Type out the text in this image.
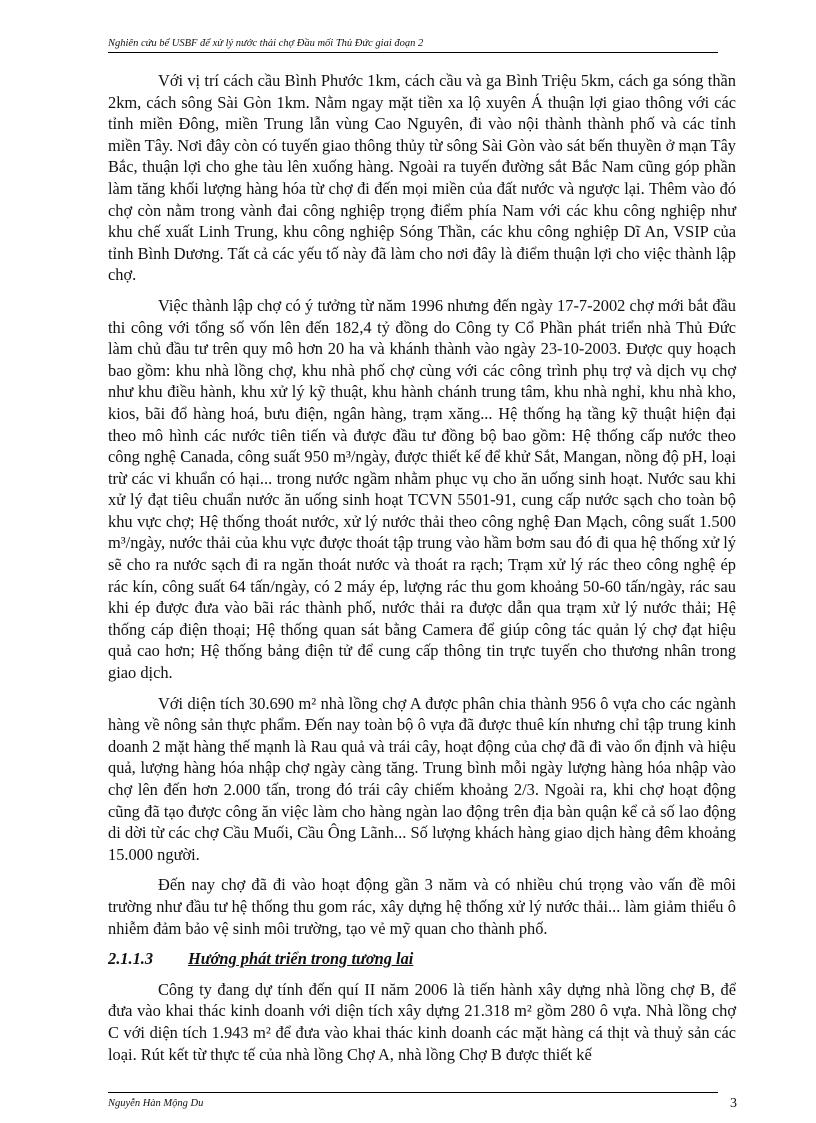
Nghiên cứu bể USBF để xử lý nước thải chợ Đầu mối Thủ Đức giai đoạn 2

Với vị trí cách cầu Bình Phước 1km, cách cầu và ga Bình Triệu 5km, cách ga sóng thần 2km, cách sông Sài Gòn 1km. Nằm ngay mặt tiền xa lộ xuyên Á thuận lợi giao thông với các tỉnh miền Đông, miền Trung lẫn vùng Cao Nguyên, đi vào nội thành thành phố và các tỉnh miền Tây. Nơi đây còn có tuyến giao thông thủy từ sông Sài Gòn vào sát bến thuyền ở mạn Tây Bắc, thuận lợi cho ghe tàu lên xuống hàng. Ngoài ra tuyến đường sắt Bắc Nam cũng góp phần làm tăng khối lượng hàng hóa từ chợ đi đến mọi miền của đất nước và ngược lại. Thêm vào đó chợ còn nằm trong vành đai công nghiệp trọng điểm phía Nam với các khu công nghiệp như khu chế xuất Linh Trung, khu công nghiệp Sóng Thần, các khu công nghiệp Dĩ An, VSIP của tỉnh Bình Dương. Tất cả các yếu tố này đã làm cho nơi đây là điểm thuận lợi cho việc thành lập chợ.

Việc thành lập chợ có ý tưởng từ năm 1996 nhưng đến ngày 17-7-2002 chợ mới bắt đầu thi công với tổng số vốn lên đến 182,4 tỷ đồng do Công ty Cổ Phần phát triển nhà Thủ Đức làm chủ đầu tư trên quy mô hơn 20 ha và khánh thành vào ngày 23-10-2003. Được quy hoạch bao gồm: khu nhà lồng chợ, khu nhà phố chợ cùng với các công trình phụ trợ và dịch vụ chợ như khu điều hành, khu xử lý kỹ thuật, khu hành chánh trung tâm, khu nhà nghỉ, khu nhà kho, kios, bãi đổ hàng hoá, bưu điện, ngân hàng, trạm xăng... Hệ thống hạ tầng kỹ thuật hiện đại theo mô hình các nước tiên tiến và được đầu tư đồng bộ bao gồm: Hệ thống cấp nước theo công nghệ Canada, công suất 950 m³/ngày, được thiết kế để khử Sắt, Mangan, nồng độ pH, loại trừ các vi khuẩn có hại... trong nước ngầm nhằm phục vụ cho ăn uống sinh hoạt. Nước sau khi xử lý đạt tiêu chuẩn nước ăn uống sinh hoạt TCVN 5501-91, cung cấp nước sạch cho toàn bộ khu vực chợ; Hệ thống thoát nước, xử lý nước thải theo công nghệ Đan Mạch, công suất 1.500 m³/ngày, nước thải của khu vực được thoát tập trung vào hầm bơm sau đó đi qua hệ thống xử lý sẽ cho ra nước sạch đi ra ngăn thoát nước và thoát ra rạch; Trạm xử lý rác theo công nghệ ép rác kín, công suất 64 tấn/ngày, có 2 máy ép, lượng rác thu gom khoảng 50-60 tấn/ngày, rác sau khi ép được đưa vào bãi rác thành phố, nước thải ra được dẫn qua trạm xử lý nước thải; Hệ thống cáp điện thoại; Hệ thống quan sát bằng Camera để giúp công tác quản lý chợ đạt hiệu quả cao hơn; Hệ thống bảng điện tử để cung cấp thông tin trực tuyến cho thương nhân trong giao dịch.

Với diện tích 30.690 m² nhà lồng chợ A được phân chia thành 956 ô vựa cho các ngành hàng về nông sản thực phẩm. Đến nay toàn bộ ô vựa đã được thuê kín nhưng chỉ tập trung kinh doanh 2 mặt hàng thế mạnh là Rau quả và trái cây, hoạt động của chợ đã đi vào ổn định và hiệu quả, lượng hàng hóa nhập chợ ngày càng tăng. Trung bình mỗi ngày lượng hàng hóa nhập vào chợ lên đến hơn 2.000 tấn, trong đó trái cây chiếm khoảng 2/3. Ngoài ra, khi chợ hoạt động cũng đã tạo được công ăn việc làm cho hàng ngàn lao động trên địa bàn quận kể cả số lao động di dời từ các chợ Cầu Muối, Cầu Ông Lãnh... Số lượng khách hàng giao dịch hàng đêm khoảng 15.000 người.

Đến nay chợ đã đi vào hoạt động gần 3 năm và có nhiều chú trọng vào vấn đề môi trường như đầu tư hệ thống thu gom rác, xây dựng hệ thống xử lý nước thải... làm giảm thiểu ô nhiễm đảm bảo vệ sinh môi trường, tạo vẻ mỹ quan cho thành phố.

2.1.1.3	Hướng phát triển trong tương lai

Công ty đang dự tính đến quí II năm 2006 là tiến hành xây dựng nhà lồng chợ B, để đưa vào khai thác kinh doanh với diện tích xây dựng 21.318 m² gồm 280 ô vựa. Nhà lồng chợ C với diện tích 1.943 m² để đưa vào khai thác kinh doanh các mặt hàng cá thịt và thuỷ sản các loại. Rút kết từ thực tế của nhà lồng Chợ A, nhà lồng Chợ B được thiết kế

Nguyễn Hàn Mộng Du	3
